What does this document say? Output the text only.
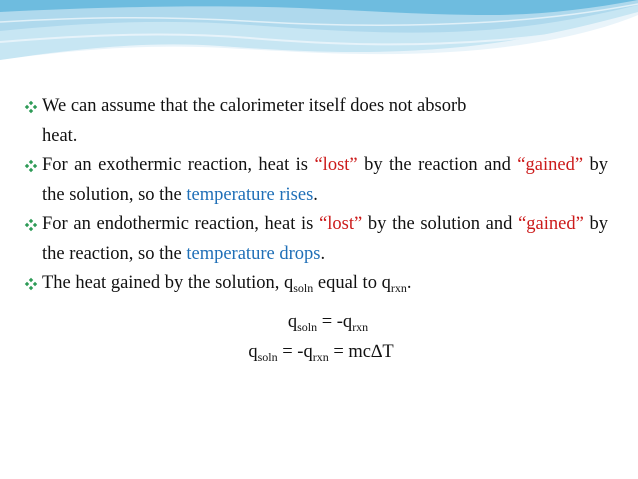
We can assume that the calorimeter itself does not absorb
heat.

For an exothermic reaction, heat is “lost” by the reaction and “gained” by the solution, so the temperature rises.

For an endothermic reaction, heat is “lost” by the solution and “gained” by the reaction, so the temperature drops.

The heat gained by the solution, $q_{soln}$ equal to $q_{rxn}$.

$q_{soln} = -q_{rxn}$
$q_{soln} = -q_{rxn} = mc\Delta T$
